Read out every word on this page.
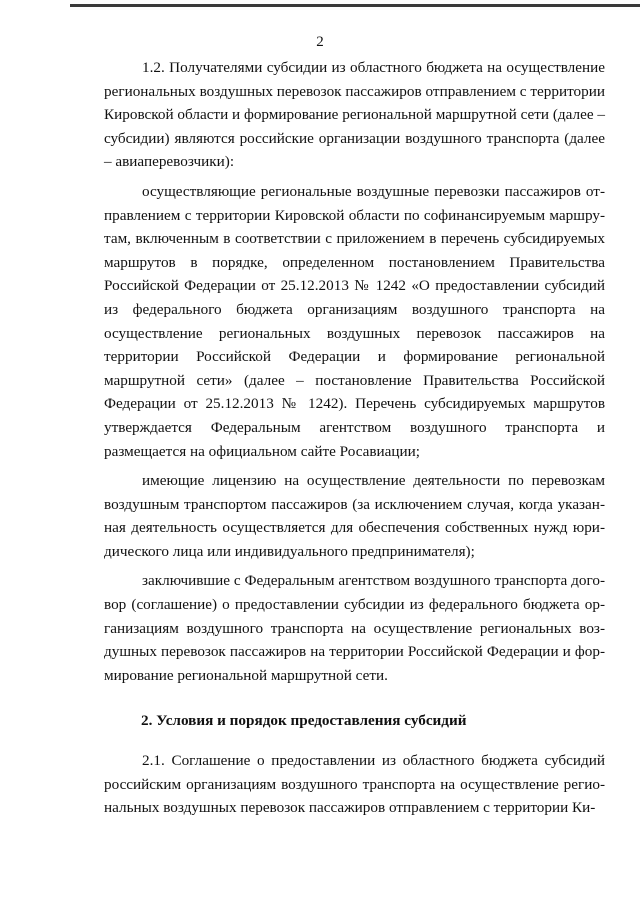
2

1.2. Получателями субсидии из областного бюджета на осуществление региональных воздушных перевозок пассажиров отправлением с территории Кировской области и формирование региональной маршрутной сети (далее – субсидии) являются российские организации воздушного транспорта (далее – авиаперевозчики):

осуществляющие региональные воздушные перевозки пассажиров отправлением с территории Кировской области по софинансируемым маршрутам, включенным в соответствии с приложением в перечень субсидируемых маршрутов в порядке, определенном постановлением Правительства Российской Федерации от 25.12.2013 № 1242 «О предоставлении субсидий из федерального бюджета организациям воздушного транспорта на осуществление региональных воздушных перевозок пассажиров на территории Российской Федерации и формирование региональной маршрутной сети» (далее – постановление Правительства Российской Федерации от 25.12.2013 № 1242). Перечень субсидируемых маршрутов утверждается Федеральным агентством воздушного транспорта и размещается на официальном сайте Росавиации;

имеющие лицензию на осуществление деятельности по перевозкам воздушным транспортом пассажиров (за исключением случая, когда указанная деятельность осуществляется для обеспечения собственных нужд юридического лица или индивидуального предпринимателя);

заключившие с Федеральным агентством воздушного транспорта договор (соглашение) о предоставлении субсидии из федерального бюджета организациям воздушного транспорта на осуществление региональных воздушных перевозок пассажиров на территории Российской Федерации и формирование региональной маршрутной сети.

2. Условия и порядок предоставления субсидий

2.1. Соглашение о предоставлении из областного бюджета субсидий российским организациям воздушного транспорта на осуществление региональных воздушных перевозок пассажиров отправлением с территории Ки-
